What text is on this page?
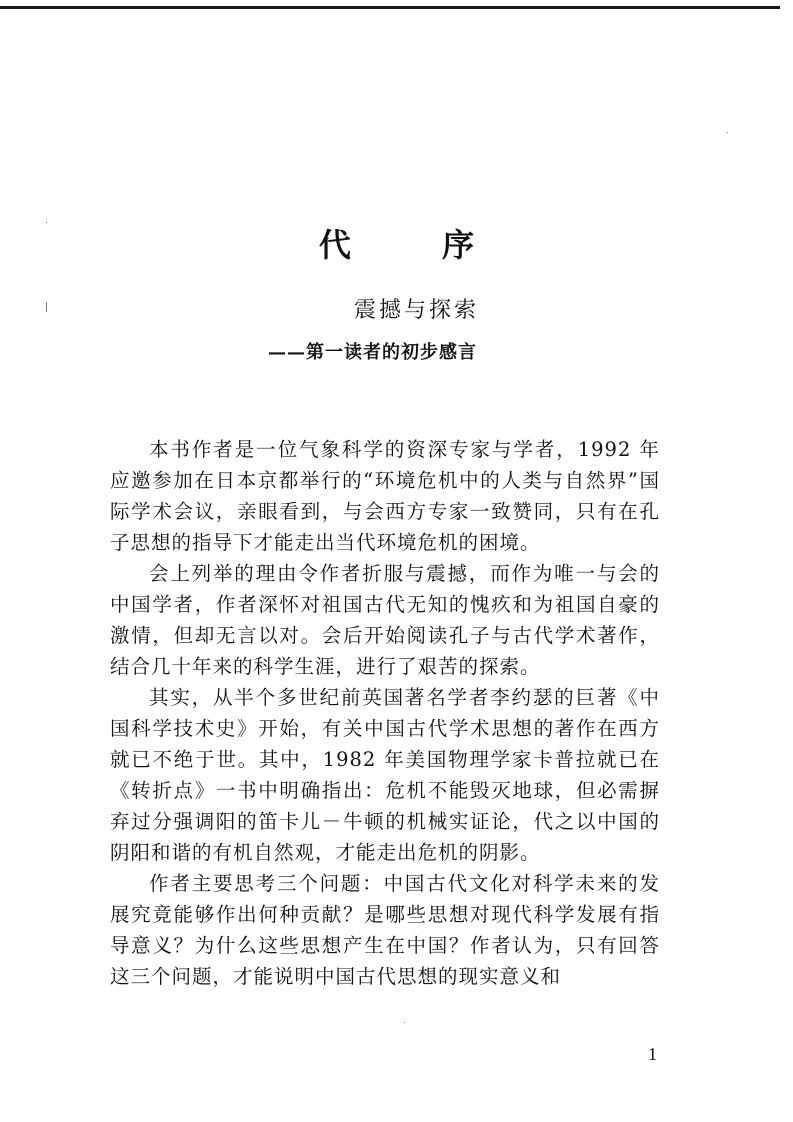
代 序
震撼与探索
——第一读者的初步感言

本书作者是一位气象科学的资深专家与学者，1992 年应邀参加在日本京都举行的“环境危机中的人类与自然界”国际学术会议，亲眼看到，与会西方专家一致赞同，只有在孔子思想的指导下才能走出当代环境危机的困境。

会上列举的理由令作者折服与震撼，而作为唯一与会的中国学者，作者深怀对祖国古代无知的愧疚和为祖国自豪的激情，但却无言以对。会后开始阅读孔子与古代学术著作，结合几十年来的科学生涯，进行了艰苦的探索。

其实，从半个多世纪前英国著名学者李约瑟的巨著《中国科学技术史》开始，有关中国古代学术思想的著作在西方就已不绝于世。其中，1982 年美国物理学家卡普拉就已在《转折点》一书中明确指出：危机不能毁灭地球，但必需摒弃过分强调阳的笛卡儿－牛顿的机械实证论，代之以中国的阴阳和谐的有机自然观，才能走出危机的阴影。

作者主要思考三个问题：中国古代文化对科学未来的发展究竟能够作出何种贡献？是哪些思想对现代科学发展有指导意义？为什么这些思想产生在中国？作者认为，只有回答这三个问题，才能说明中国古代思想的现实意义和

1
